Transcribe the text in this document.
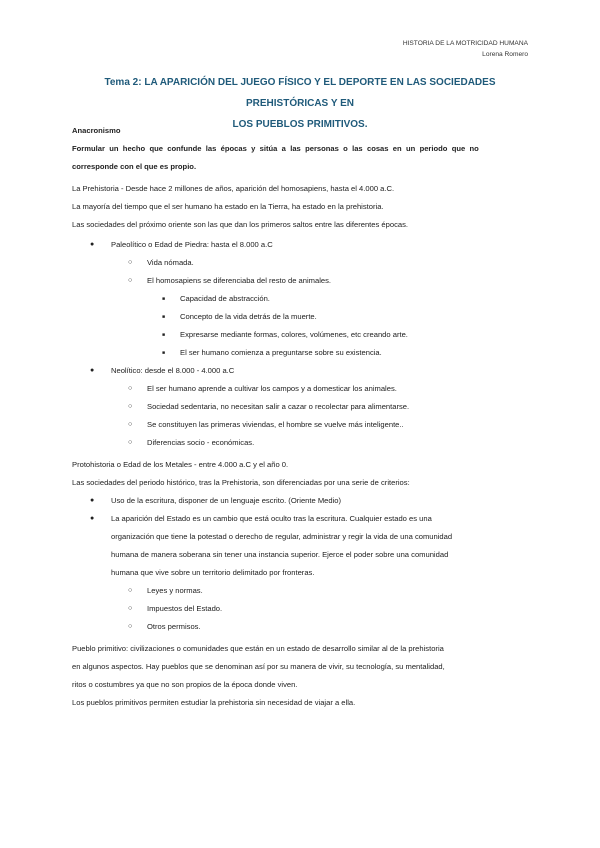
HISTORIA DE LA MOTRICIDAD HUMANA
Lorena Romero
Tema 2: LA APARICIÓN DEL JUEGO FÍSICO Y EL DEPORTE EN LAS SOCIEDADES PREHISTÓRICAS Y EN
LOS PUEBLOS PRIMITIVOS.

Anacronismo

Formular un hecho que confunde las épocas y sitúa a las personas o las cosas en un periodo que no

corresponde con el que es propio.

La Prehistoria - Desde hace 2 millones de años, aparición del homosapiens, hasta el 4.000 a.C.

La mayoría del tiempo que el ser humano ha estado en la Tierra, ha estado en la prehistoria.

Las sociedades del próximo oriente son las que dan los primeros saltos entre las diferentes épocas.

● Paleolítico o Edad de Piedra: hasta el 8.000 a.C

○ Vida nómada.

○ El homosapiens se diferenciaba del resto de animales.

■ Capacidad de abstracción.

■ Concepto de la vida detrás de la muerte.

■ Expresarse mediante formas, colores, volúmenes, etc creando arte.

■ El ser humano comienza a preguntarse sobre su existencia.

● Neolítico: desde el 8.000 - 4.000 a.C

○ El ser humano aprende a cultivar los campos y a domesticar los animales.

○ Sociedad sedentaria, no necesitan salir a cazar o recolectar para alimentarse.

○ Se constituyen las primeras viviendas, el hombre se vuelve más inteligente..

○ Diferencias socio - económicas.

Protohistoria o Edad de los Metales - entre 4.000 a.C y el año 0.

Las sociedades del periodo histórico, tras la Prehistoria, son diferenciadas por una serie de criterios:

● Uso de la escritura, disponer de un lenguaje escrito. (Oriente Medio)

● La aparición del Estado es un cambio que está oculto tras la escritura. Cualquier estado es una

organización que tiene la potestad o derecho de regular, administrar y regir la vida de una comunidad

humana de manera soberana sin tener una instancia superior. Ejerce el poder sobre una comunidad

humana que vive sobre un territorio delimitado por fronteras.

○ Leyes y normas.

○ Impuestos del Estado.

○ Otros permisos.

Pueblo primitivo: civilizaciones o comunidades que están en un estado de desarrollo similar al de la prehistoria

en algunos aspectos. Hay pueblos que se denominan así por su manera de vivir, su tecnología, su mentalidad,

ritos o costumbres ya que no son propios de la época donde viven.

Los pueblos primitivos permiten estudiar la prehistoria sin necesidad de viajar a ella.
